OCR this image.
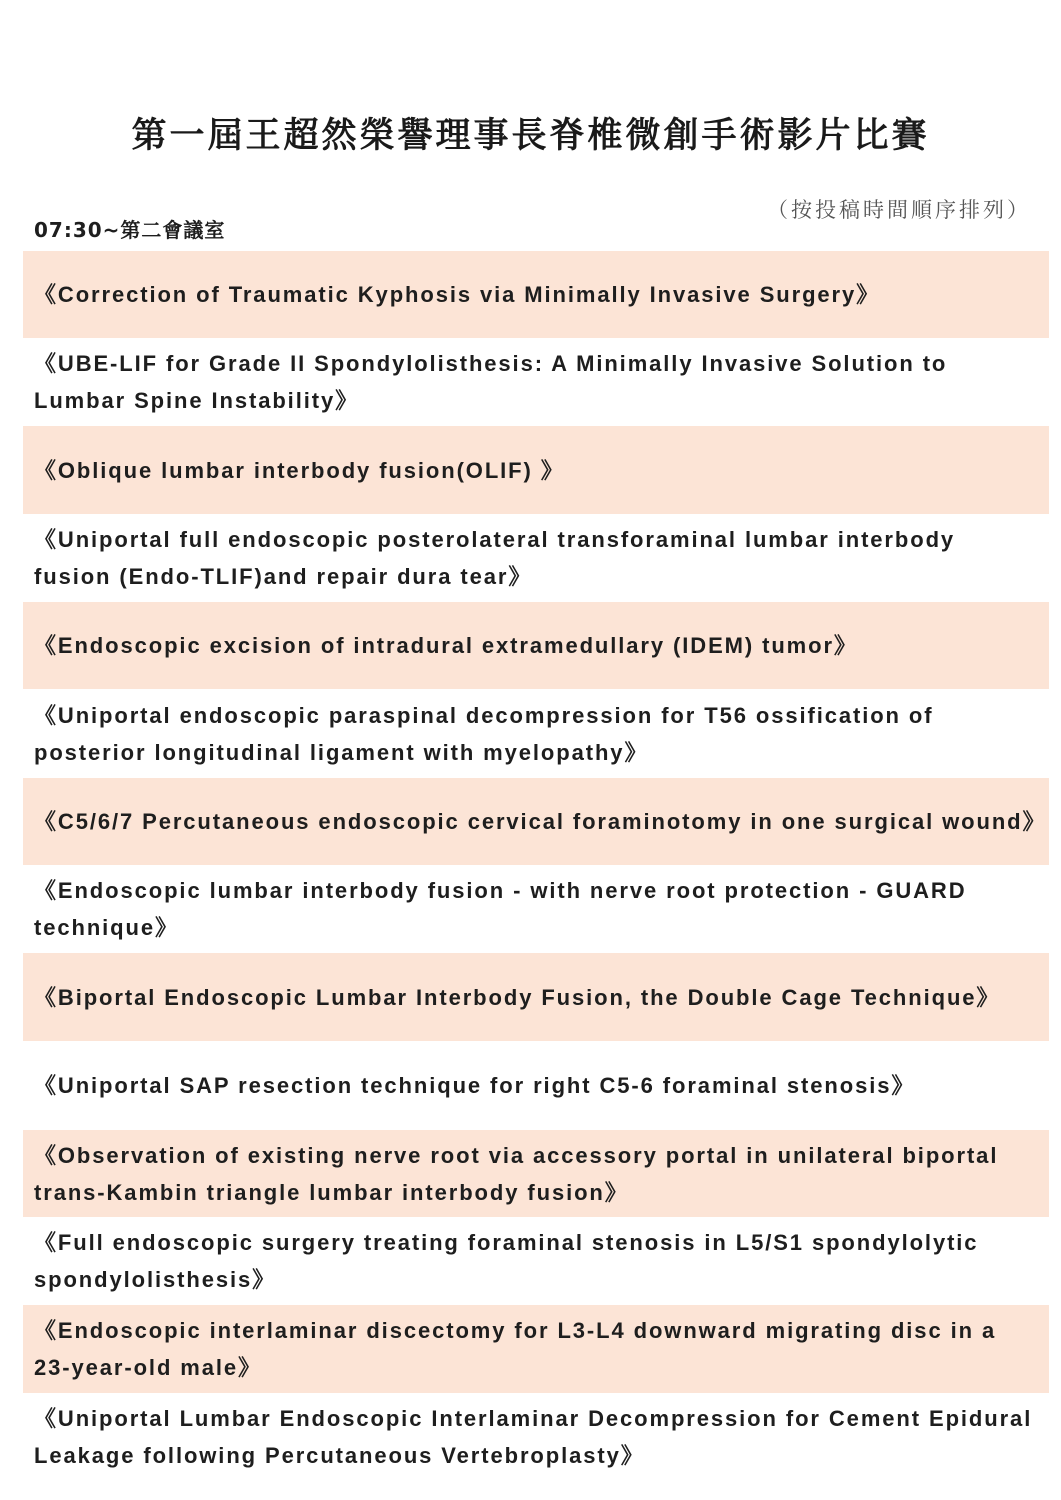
第一屆王超然榮譽理事長脊椎微創手術影片比賽
（按投稿時間順序排列）
07:30~第二會議室
《Correction of Traumatic Kyphosis via Minimally Invasive Surgery》
《UBE-LIF for Grade II Spondylolisthesis: A Minimally Invasive Solution to Lumbar Spine Instability》
《Oblique lumbar interbody fusion(OLIF) 》
《Uniportal full endoscopic posterolateral transforaminal lumbar interbody fusion (Endo-TLIF)and repair dura tear》
《Endoscopic excision of intradural extramedullary (IDEM) tumor》
《Uniportal endoscopic paraspinal decompression for T56 ossification of posterior longitudinal ligament with myelopathy》
《C5/6/7 Percutaneous endoscopic cervical foraminotomy in one surgical wound》
《Endoscopic lumbar interbody fusion - with nerve root protection - GUARD technique》
《Biportal Endoscopic Lumbar Interbody Fusion, the Double Cage Technique》
《Uniportal SAP resection technique for right C5-6 foraminal stenosis》
《Observation of existing nerve root via accessory portal in unilateral biportal trans-Kambin triangle lumbar interbody fusion》
《Full endoscopic surgery treating foraminal stenosis in L5/S1 spondylolytic spondylolisthesis》
《Endoscopic interlaminar discectomy for L3-L4 downward migrating disc in a 23-year-old male》
《Uniportal Lumbar Endoscopic Interlaminar Decompression for Cement Epidural Leakage following Percutaneous Vertebroplasty》
